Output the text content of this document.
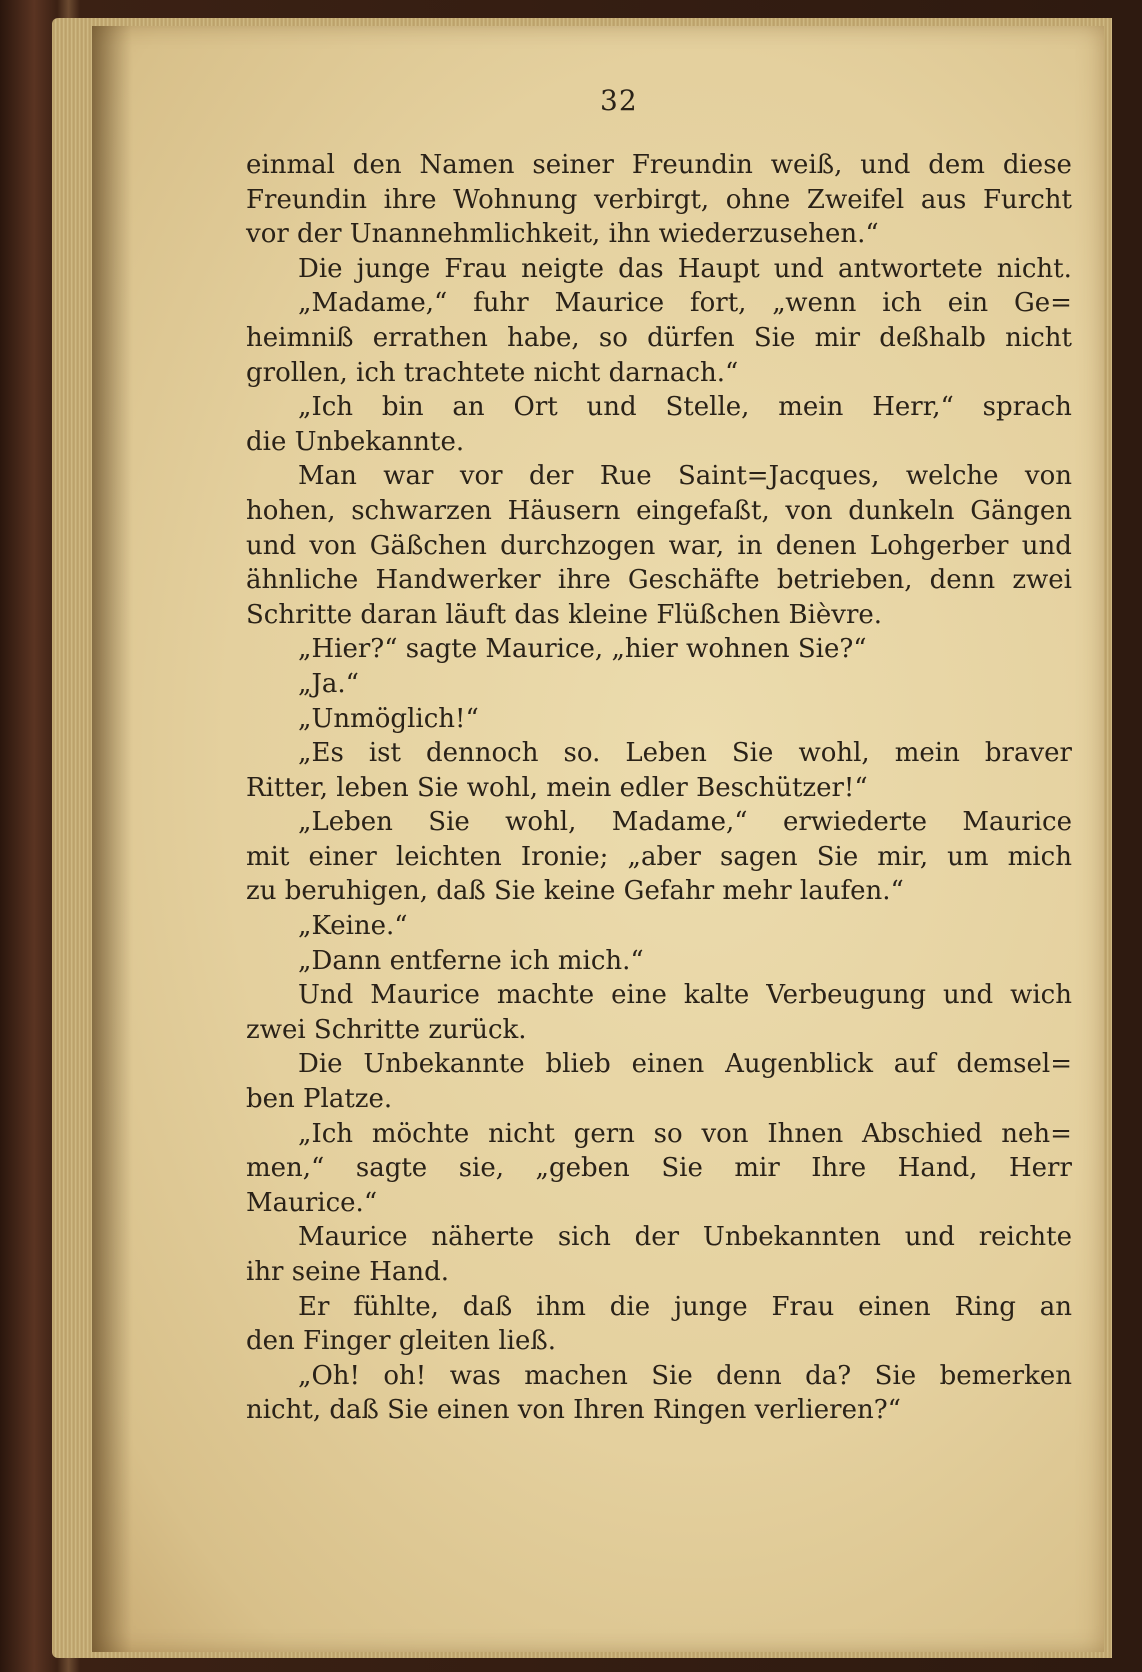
32
einmal den Namen seiner Freundin weiß, und dem diese
Freundin ihre Wohnung verbirgt, ohne Zweifel aus Furcht
vor der Unannehmlichkeit, ihn wiederzusehen.“
Die junge Frau neigte das Haupt und antwortete nicht.
„Madame,“ fuhr Maurice fort, „wenn ich ein Ge=
heimniß errathen habe, so dürfen Sie mir deßhalb nicht
grollen, ich trachtete nicht darnach.“
„Ich bin an Ort und Stelle, mein Herr,“ sprach
die Unbekannte.
Man war vor der Rue Saint=Jacques, welche von
hohen, schwarzen Häusern eingefaßt, von dunkeln Gängen
und von Gäßchen durchzogen war, in denen Lohgerber und
ähnliche Handwerker ihre Geschäfte betrieben, denn zwei
Schritte daran läuft das kleine Flüßchen Bièvre.
„Hier?“ sagte Maurice, „hier wohnen Sie?“
„Ja.“
„Unmöglich!“
„Es ist dennoch so. Leben Sie wohl, mein braver
Ritter, leben Sie wohl, mein edler Beschützer!“
„Leben Sie wohl, Madame,“ erwiederte Maurice
mit einer leichten Ironie; „aber sagen Sie mir, um mich
zu beruhigen, daß Sie keine Gefahr mehr laufen.“
„Keine.“
„Dann entferne ich mich.“
Und Maurice machte eine kalte Verbeugung und wich
zwei Schritte zurück.
Die Unbekannte blieb einen Augenblick auf demsel=
ben Platze.
„Ich möchte nicht gern so von Ihnen Abschied neh=
men,“ sagte sie, „geben Sie mir Ihre Hand, Herr
Maurice.“
Maurice näherte sich der Unbekannten und reichte
ihr seine Hand.
Er fühlte, daß ihm die junge Frau einen Ring an
den Finger gleiten ließ.
„Oh! oh! was machen Sie denn da? Sie bemerken
nicht, daß Sie einen von Ihren Ringen verlieren?“
